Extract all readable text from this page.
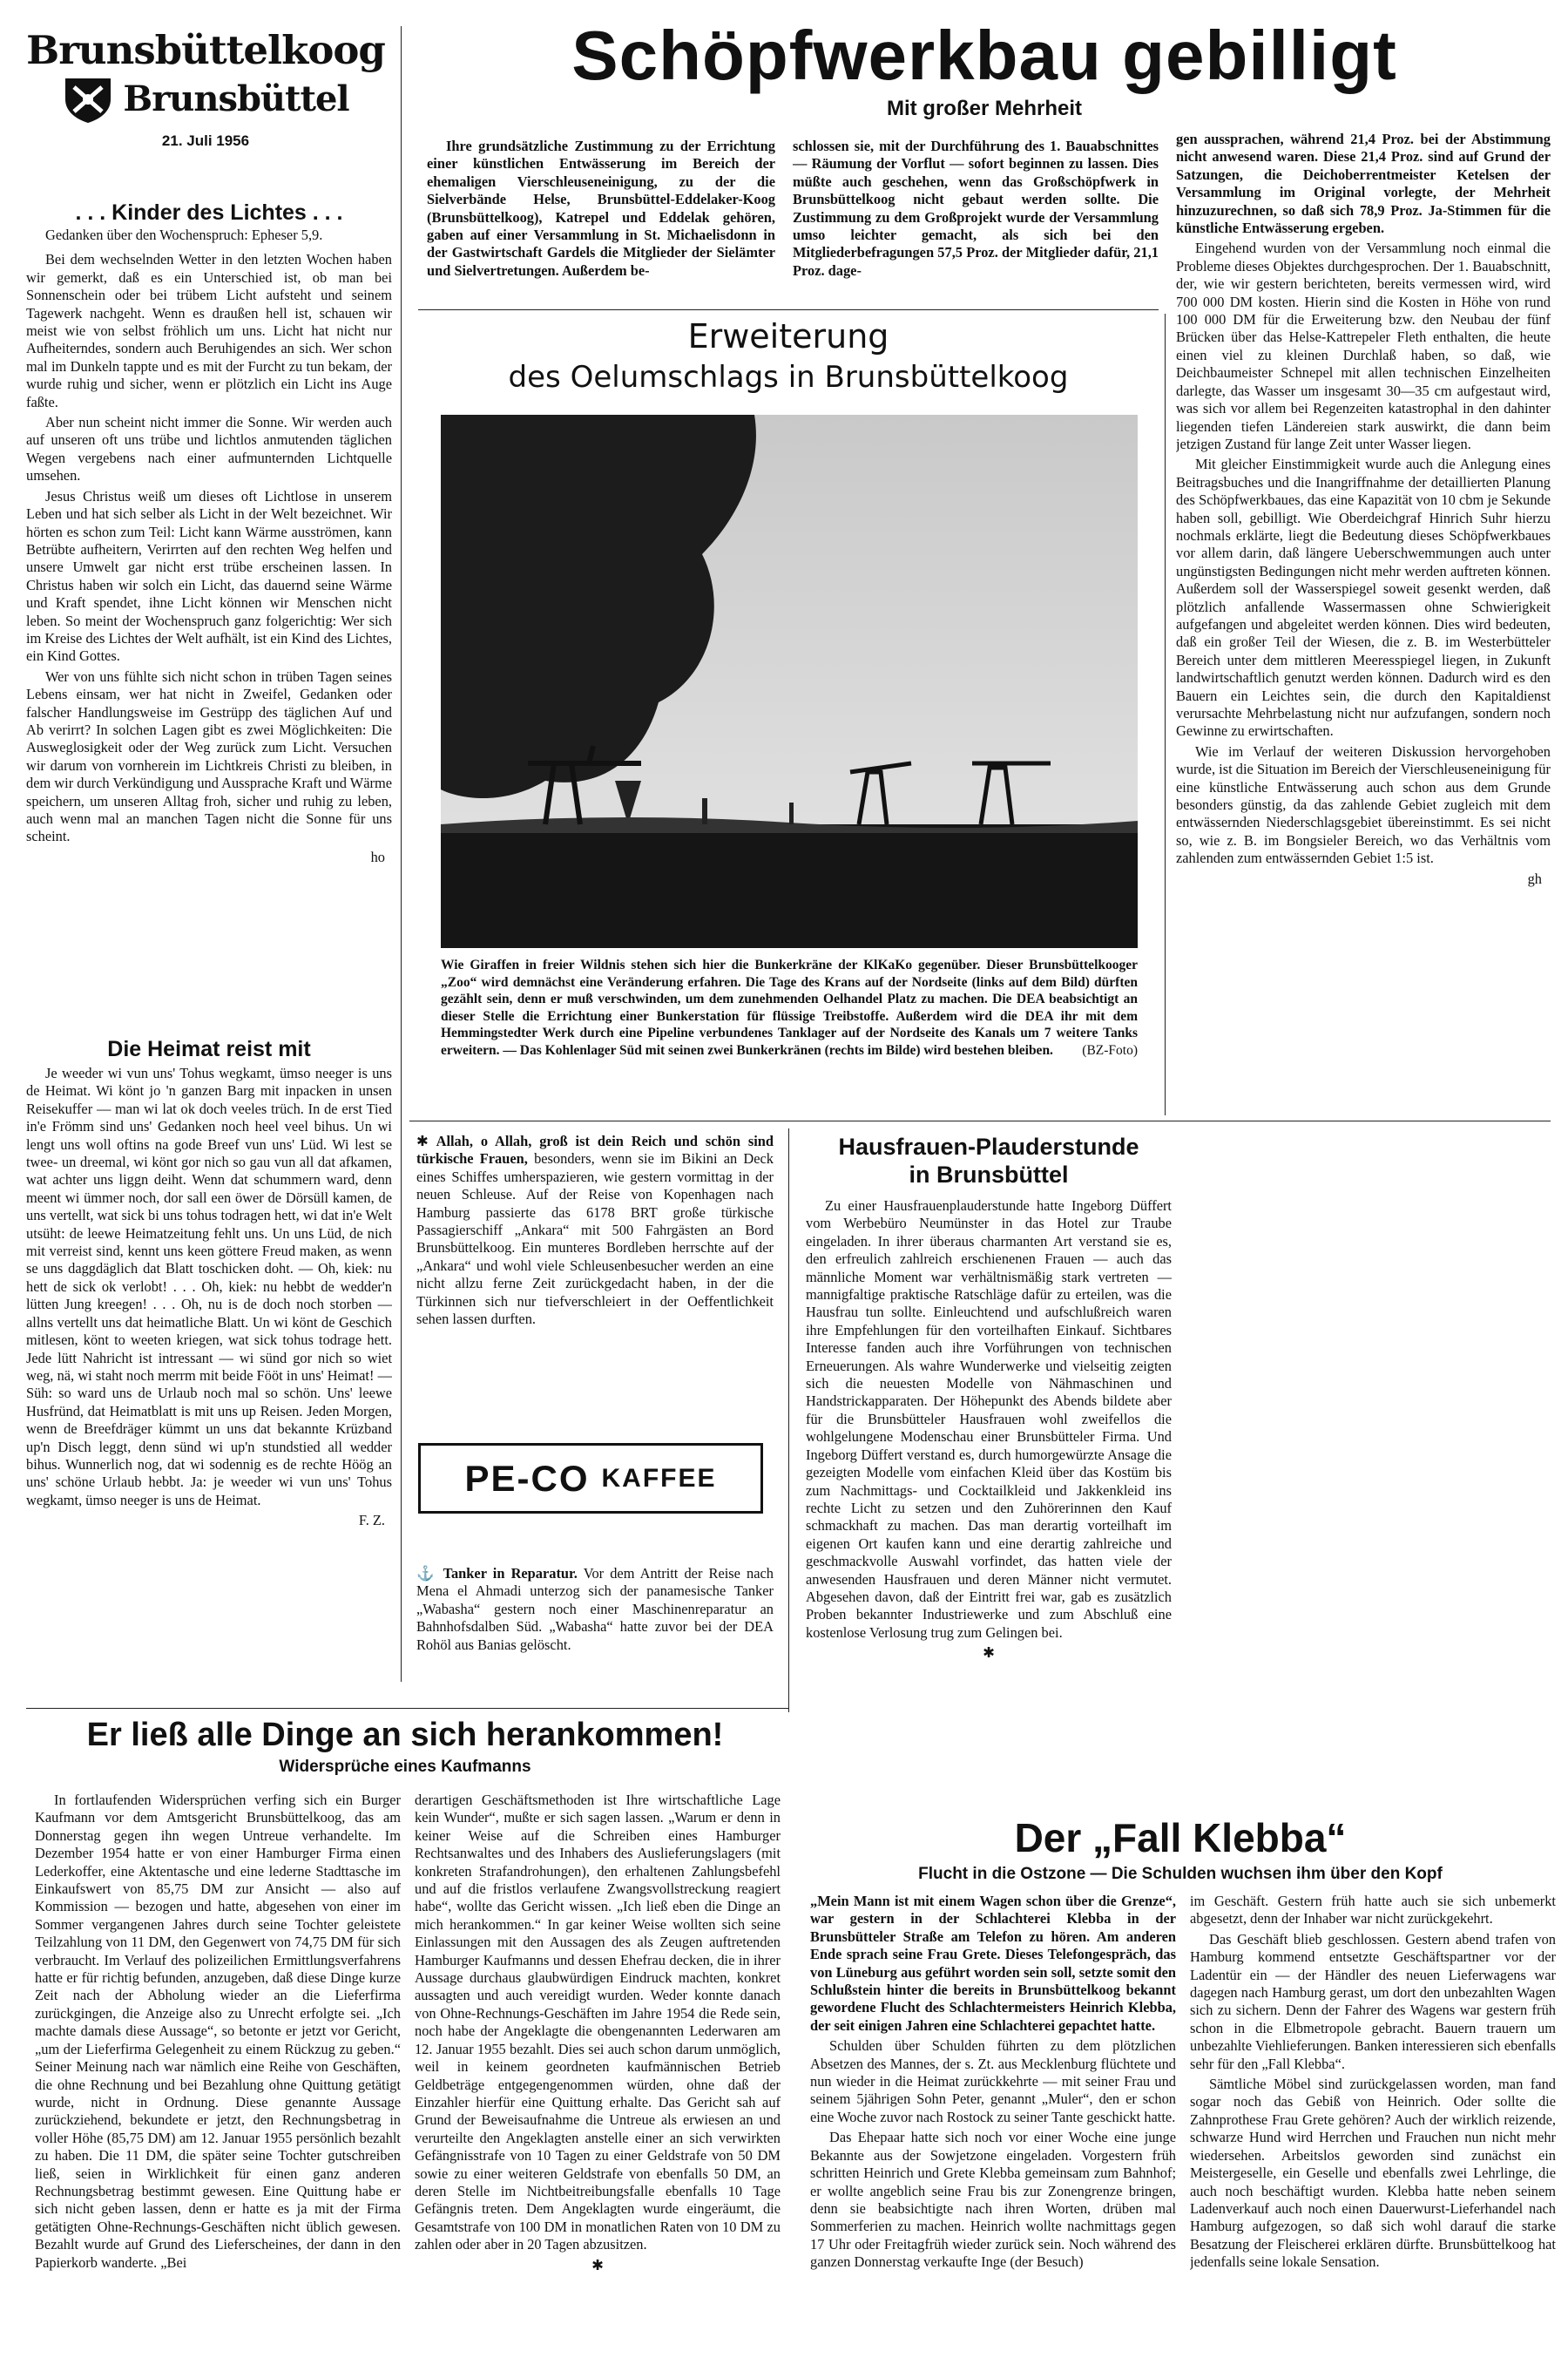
Brunsbüttelkoog
Brunsbüttel
21. Juli 1956
Schöpfwerkbau gebilligt
Mit großer Mehrheit

Ihre grundsätzliche Zustimmung zu der Errichtung einer künstlichen Entwässerung im Bereich der ehemaligen Vierschleuseneinigung, zu der die Sielverbände Helse, Brunsbüttel-Eddelaker-Koog (Brunsbüttelkoog), Katrepel und Eddelak gehören, gaben auf einer Versammlung in St. Michaelisdonn in der Gastwirtschaft Gardels die Mitglieder der Sielämter und Sielvertretungen. Außerdem be-

schlossen sie, mit der Durchführung des 1. Bauabschnittes — Räumung der Vorflut — sofort beginnen zu lassen. Dies müßte auch geschehen, wenn das Großschöpfwerk in Brunsbüttelkoog nicht gebaut werden sollte. Die Zustimmung zu dem Großprojekt wurde der Versammlung umso leichter gemacht, als sich bei den Mitgliederbefragungen 57,5 Proz. der Mitglieder dafür, 21,1 Proz. dage-

gen aussprachen, während 21,4 Proz. bei der Abstimmung nicht anwesend waren. Diese 21,4 Proz. sind auf Grund der Satzungen, die Deichoberrentmeister Ketelsen der Versammlung im Original vorlegte, der Mehrheit hinzuzurechnen, so daß sich 78,9 Proz. Ja-Stimmen für die künstliche Entwässerung ergeben.

Eingehend wurden von der Versammlung noch einmal die Probleme dieses Objektes durchgesprochen. Der 1. Bauabschnitt, der, wie wir gestern berichteten, bereits vermessen wird, wird 700 000 DM kosten. Hierin sind die Kosten in Höhe von rund 100 000 DM für die Erweiterung bzw. den Neubau der fünf Brücken über das Helse-Kattrepeler Fleth enthalten, die heute einen viel zu kleinen Durchlaß haben, so daß, wie Deichbaumeister Schnepel mit allen technischen Einzelheiten darlegte, das Wasser um insgesamt 30—35 cm aufgestaut wird, was sich vor allem bei Regenzeiten katastrophal in den dahinter liegenden tiefen Ländereien stark auswirkt, die dann beim jetzigen Zustand für lange Zeit unter Wasser liegen.

Mit gleicher Einstimmigkeit wurde auch die Anlegung eines Beitragsbuches und die Inangriffnahme der detaillierten Planung des Schöpfwerkbaues, das eine Kapazität von 10 cbm je Sekunde haben soll, gebilligt. Wie Oberdeichgraf Hinrich Suhr hierzu nochmals erklärte, liegt die Bedeutung dieses Schöpfwerkbaues vor allem darin, daß längere Ueberschwemmungen auch unter ungünstigsten Bedingungen nicht mehr werden auftreten können. Außerdem soll der Wasserspiegel soweit gesenkt werden, daß plötzlich anfallende Wassermassen ohne Schwierigkeit aufgefangen und abgeleitet werden können. Dies wird bedeuten, daß ein großer Teil der Wiesen, die z. B. im Westerbütteler Bereich unter dem mittleren Meeresspiegel liegen, in Zukunft landwirtschaftlich genutzt werden können. Dadurch wird es den Bauern ein Leichtes sein, die durch den Kapitaldienst verursachte Mehrbelastung nicht nur aufzufangen, sondern noch Gewinne zu erwirtschaften.

Wie im Verlauf der weiteren Diskussion hervorgehoben wurde, ist die Situation im Bereich der Vierschleuseneinigung für eine künstliche Entwässerung auch schon aus dem Grunde besonders günstig, da das zahlende Gebiet zugleich mit dem entwässernden Niederschlagsgebiet übereinstimmt. Es sei nicht so, wie z. B. im Bongsieler Bereich, wo das Verhältnis vom zahlenden zum entwässernden Gebiet 1:5 ist.

gh
. . . Kinder des Lichtes . . .

Gedanken über den Wochenspruch: Epheser 5,9.

Bei dem wechselnden Wetter in den letzten Wochen haben wir gemerkt, daß es ein Unterschied ist, ob man bei Sonnenschein oder bei trübem Licht aufsteht und seinem Tagewerk nachgeht. Wenn es draußen hell ist, schauen wir meist wie von selbst fröhlich um uns. Licht hat nicht nur Aufheiterndes, sondern auch Beruhigendes an sich. Wer schon mal im Dunkeln tappte und es mit der Furcht zu tun bekam, der wurde ruhig und sicher, wenn er plötzlich ein Licht ins Auge faßte.

Aber nun scheint nicht immer die Sonne. Wir werden auch auf unseren oft uns trübe und lichtlos anmutenden täglichen Wegen vergebens nach einer aufmunternden Lichtquelle umsehen.

Jesus Christus weiß um dieses oft Lichtlose in unserem Leben und hat sich selber als Licht in der Welt bezeichnet. Wir hörten es schon zum Teil: Licht kann Wärme ausströmen, kann Betrübte aufheitern, Verirrten auf den rechten Weg helfen und unsere Umwelt gar nicht erst trübe erscheinen lassen. In Christus haben wir solch ein Licht, das dauernd seine Wärme und Kraft spendet, ihne Licht können wir Menschen nicht leben. So meint der Wochenspruch ganz folgerichtig: Wer sich im Kreise des Lichtes der Welt aufhält, ist ein Kind des Lichtes, ein Kind Gottes.

Wer von uns fühlte sich nicht schon in trüben Tagen seines Lebens einsam, wer hat nicht in Zweifel, Gedanken oder falscher Handlungsweise im Gestrüpp des täglichen Auf und Ab verirrt? In solchen Lagen gibt es zwei Möglichkeiten: Die Ausweglosigkeit oder der Weg zurück zum Licht. Versuchen wir darum von vornherein im Lichtkreis Christi zu bleiben, in dem wir durch Verkündigung und Aussprache Kraft und Wärme speichern, um unseren Alltag froh, sicher und ruhig zu leben, auch wenn mal an manchen Tagen nicht die Sonne für uns scheint.

ho
Die Heimat reist mit

Je weeder wi vun uns' Tohus wegkamt, ümso neeger is uns de Heimat. Wi könt jo 'n ganzen Barg mit inpacken in unsen Reisekuffer — man wi lat ok doch veeles trüch. In de erst Tied in'e Frömm sind uns' Gedanken noch heel veel bihus. Un wi lengt uns woll oftins na gode Breef vun uns' Lüd. Wi lest se twee- un dreemal, wi könt gor nich so gau vun all dat afkamen, wat achter uns liggn deiht. Wenn dat schummern ward, denn meent wi ümmer noch, dor sall een öwer de Dörsüll kamen, de uns vertellt, wat sick bi uns tohus todragen hett, wi dat in'e Welt utsüht: de leewe Heimatzeitung fehlt uns. Un uns Lüd, de nich mit verreist sind, kennt uns keen göttere Freud maken, as wenn se uns daggdäglich dat Blatt toschicken doht. — Oh, kiek: nu hett de sick ok verlobt! . . . Oh, kiek: nu hebbt de wedder'n lütten Jung kreegen! . . . Oh, nu is de doch noch storben — allns vertellt uns dat heimatliche Blatt. Un wi könt de Geschich mitlesen, könt to weeten kriegen, wat sick tohus todrage hett. Jede lütt Nahricht ist intressant — wi sünd gor nich so wiet weg, nä, wi staht noch merrm mit beide Fööt in uns' Heimat! — Süh: so ward uns de Urlaub noch mal so schön. Uns' leewe Husfründ, dat Heimatblatt is mit uns up Reisen. Jeden Morgen, wenn de Breefdräger kümmt un uns dat bekannte Krüzband up'n Disch leggt, denn sünd wi up'n stundstied all wedder bihus. Wunnerlich nog, dat wi sodennig es de rechte Höög an uns' schöne Urlaub hebbt. Ja: je weeder wi vun uns' Tohus wegkamt, ümso neeger is uns de Heimat.

F. Z.
Erweiterung
des Oelumschlags in Brunsbüttelkoog
Wie Giraffen in freier Wildnis stehen sich hier die Bunkerkräne der KlKaKo gegenüber. Dieser Brunsbüttelkooger „Zoo“ wird demnächst eine Veränderung erfahren. Die Tage des Krans auf der Nordseite (links auf dem Bild) dürften gezählt sein, denn er muß verschwinden, um dem zunehmenden Oelhandel Platz zu machen. Die DEA beabsichtigt an dieser Stelle die Errichtung einer Bunkerstation für flüssige Treibstoffe. Außerdem wird die DEA ihr mit dem Hemmingstedter Werk durch eine Pipeline verbundenes Tanklager auf der Nordseite des Kanals um 7 weitere Tanks erweitern. — Das Kohlenlager Süd mit seinen zwei Bunkerkränen (rechts im Bilde) wird bestehen bleiben. (BZ-Foto)

✱ Allah, o Allah, groß ist dein Reich und schön sind türkische Frauen, besonders, wenn sie im Bikini an Deck eines Schiffes umherspazieren, wie gestern vormittag in der neuen Schleuse. Auf der Reise von Kopenhagen nach Hamburg passierte das 6178 BRT große türkische Passagierschiff „Ankara“ mit 500 Fahrgästen an Bord Brunsbüttelkoog. Ein munteres Bordleben herrschte auf der „Ankara“ und wohl viele Schleusenbesucher werden an eine nicht allzu ferne Zeit zurückgedacht haben, in der die Türkinnen sich nur tiefverschleiert in der Oeffentlichkeit sehen lassen durften.

PE-CO KAFFEE

⚓ Tanker in Reparatur. Vor dem Antritt der Reise nach Mena el Ahmadi unterzog sich der panamesische Tanker „Wabasha“ gestern noch einer Maschinenreparatur an Bahnhofsdalben Süd. „Wabasha“ hatte zuvor bei der DEA Rohöl aus Banias gelöscht.

Hausfrauen-Plauderstunde
in Brunsbüttel

Zu einer Hausfrauenplauderstunde hatte Ingeborg Düffert vom Werbebüro Neumünster in das Hotel zur Traube eingeladen. In ihrer überaus charmanten Art verstand sie es, den erfreulich zahlreich erschienenen Frauen — auch das männliche Moment war verhältnismäßig stark vertreten — mannigfaltige praktische Ratschläge dafür zu erteilen, was die Hausfrau tun sollte. Einleuchtend und aufschlußreich waren ihre Empfehlungen für den vorteilhaften Einkauf. Sichtbares Interesse fanden auch ihre Vorführungen von technischen Erneuerungen. Als wahre Wunderwerke und vielseitig zeigten sich die neuesten Modelle von Nähmaschinen und Handstrickapparaten. Der Höhepunkt des Abends bildete aber für die Brunsbütteler Hausfrauen wohl zweifellos die wohlgelungene Modenschau einer Brunsbütteler Firma. Und Ingeborg Düffert verstand es, durch humorgewürzte Ansage die gezeigten Modelle vom einfachen Kleid über das Kostüm bis zum Nachmittags- und Cocktailkleid und Jakkenkleid ins rechte Licht zu setzen und den Zuhörerinnen den Kauf schmackhaft zu machen. Das man derartig vorteilhaft im eigenen Ort kaufen kann und eine derartig zahlreiche und geschmackvolle Auswahl vorfindet, das hatten viele der anwesenden Hausfrauen und deren Männer nicht vermutet. Abgesehen davon, daß der Eintritt frei war, gab es zusätzlich Proben bekannter Industriewerke und zum Abschluß eine kostenlose Verlosung trug zum Gelingen bei.

✱
Er ließ alle Dinge an sich herankommen!
Widersprüche eines Kaufmanns

In fortlaufenden Widersprüchen verfing sich ein Burger Kaufmann vor dem Amtsgericht Brunsbüttelkoog, das am Donnerstag gegen ihn wegen Untreue verhandelte. Im Dezember 1954 hatte er von einer Hamburger Firma einen Lederkoffer, eine Aktentasche und eine lederne Stadttasche im Einkaufswert von 85,75 DM zur Ansicht — also auf Kommission — bezogen und hatte, abgesehen von einer im Sommer vergangenen Jahres durch seine Tochter geleistete Teilzahlung von 11 DM, den Gegenwert von 74,75 DM für sich verbraucht. Im Verlauf des polizeilichen Ermittlungsverfahrens hatte er für richtig befunden, anzugeben, daß diese Dinge kurze Zeit nach der Abholung wieder an die Lieferfirma zurückgingen, die Anzeige also zu Unrecht erfolgte sei. „Ich machte damals diese Aussage“, so betonte er jetzt vor Gericht, „um der Lieferfirma Gelegenheit zu einem Rückzug zu geben.“ Seiner Meinung nach war nämlich eine Reihe von Geschäften, die ohne Rechnung und bei Bezahlung ohne Quittung getätigt wurde, nicht in Ordnung. Diese genannte Aussage zurückziehend, bekundete er jetzt, den Rechnungsbetrag in voller Höhe (85,75 DM) am 12. Januar 1955 persönlich bezahlt zu haben. Die 11 DM, die später seine Tochter gutschreiben ließ, seien in Wirklichkeit für einen ganz anderen Rechnungsbetrag bestimmt gewesen. Eine Quittung habe er sich nicht geben lassen, denn er hatte es ja mit der Firma getätigten Ohne-Rechnungs-Geschäften nicht üblich gewesen. Bezahlt wurde auf Grund des Lieferscheines, der dann in den Papierkorb wanderte. „Bei

derartigen Geschäftsmethoden ist Ihre wirtschaftliche Lage kein Wunder“, mußte er sich sagen lassen. „Warum er denn in keiner Weise auf die Schreiben eines Hamburger Rechtsanwaltes und des Inhabers des Auslieferungslagers (mit konkreten Strafandrohungen), den erhaltenen Zahlungsbefehl und auf die fristlos verlaufene Zwangsvollstreckung reagiert habe“, wollte das Gericht wissen. „Ich ließ eben die Dinge an mich herankommen.“ In gar keiner Weise wollten sich seine Einlassungen mit den Aussagen des als Zeugen auftretenden Hamburger Kaufmanns und dessen Ehefrau decken, die in ihrer Aussage durchaus glaubwürdigen Eindruck machten, konkret aussagten und auch vereidigt wurden. Weder konnte danach von Ohne-Rechnungs-Geschäften im Jahre 1954 die Rede sein, noch habe der Angeklagte die obengenannten Lederwaren am 12. Januar 1955 bezahlt. Dies sei auch schon darum unmöglich, weil in keinem geordneten kaufmännischen Betrieb Geldbeträge entgegengenommen würden, ohne daß der Einzahler hierfür eine Quittung erhalte. Das Gericht sah auf Grund der Beweisaufnahme die Untreue als erwiesen an und verurteilte den Angeklagten anstelle einer an sich verwirkten Gefängnisstrafe von 10 Tagen zu einer Geldstrafe von 50 DM sowie zu einer weiteren Geldstrafe von ebenfalls 50 DM, an deren Stelle im Nichtbeitreibungsfalle ebenfalls 10 Tage Gefängnis treten. Dem Angeklagten wurde eingeräumt, die Gesamtstrafe von 100 DM in monatlichen Raten von 10 DM zu zahlen oder aber in 20 Tagen abzusitzen.

✱
Der „Fall Klebba“
Flucht in die Ostzone — Die Schulden wuchsen ihm über den Kopf

„Mein Mann ist mit einem Wagen schon über die Grenze“, war gestern in der Schlachterei Klebba in der Brunsbütteler Straße am Telefon zu hören. Am anderen Ende sprach seine Frau Grete. Dieses Telefongespräch, das von Lüneburg aus geführt worden sein soll, setzte somit den Schlußstein hinter die bereits in Brunsbüttelkoog bekannt gewordene Flucht des Schlachtermeisters Heinrich Klebba, der seit einigen Jahren eine Schlachterei gepachtet hatte.

Schulden über Schulden führten zu dem plötzlichen Absetzen des Mannes, der s. Zt. aus Mecklenburg flüchtete und nun wieder in die Heimat zurückkehrte — mit seiner Frau und seinem 5jährigen Sohn Peter, genannt „Muler“, den er schon eine Woche zuvor nach Rostock zu seiner Tante geschickt hatte.

Das Ehepaar hatte sich noch vor einer Woche eine junge Bekannte aus der Sowjetzone eingeladen. Vorgestern früh schritten Heinrich und Grete Klebba gemeinsam zum Bahnhof; er wollte angeblich seine Frau bis zur Zonengrenze bringen, denn sie beabsichtigte nach ihren Worten, drüben mal Sommerferien zu machen. Heinrich wollte nachmittags gegen 17 Uhr oder Freitagfrüh wieder zurück sein. Noch während des ganzen Donnerstag verkaufte Inge (der Besuch)

im Geschäft. Gestern früh hatte auch sie sich unbemerkt abgesetzt, denn der Inhaber war nicht zurückgekehrt.

Das Geschäft blieb geschlossen. Gestern abend trafen von Hamburg kommend entsetzte Geschäftspartner vor der Ladentür ein — der Händler des neuen Lieferwagens war dagegen nach Hamburg gerast, um dort den unbezahlten Wagen sich zu sichern. Denn der Fahrer des Wagens war gestern früh schon in die Elbmetropole gebracht. Bauern trauern um unbezahlte Viehlieferungen. Banken interessieren sich ebenfalls sehr für den „Fall Klebba“.

Sämtliche Möbel sind zurückgelassen worden, man fand sogar noch das Gebiß von Heinrich. Oder sollte die Zahnprothese Frau Grete gehören? Auch der wirklich reizende, schwarze Hund wird Herrchen und Frauchen nun nicht mehr wiedersehen. Arbeitslos geworden sind zunächst ein Meistergeselle, ein Geselle und ebenfalls zwei Lehrlinge, die auch noch beschäftigt wurden. Klebba hatte neben seinem Ladenverkauf auch noch einen Dauerwurst-Lieferhandel nach Hamburg aufgezogen, so daß sich wohl darauf die starke Besatzung der Fleischerei erklären dürfte. Brunsbüttelkoog hat jedenfalls seine lokale Sensation.
